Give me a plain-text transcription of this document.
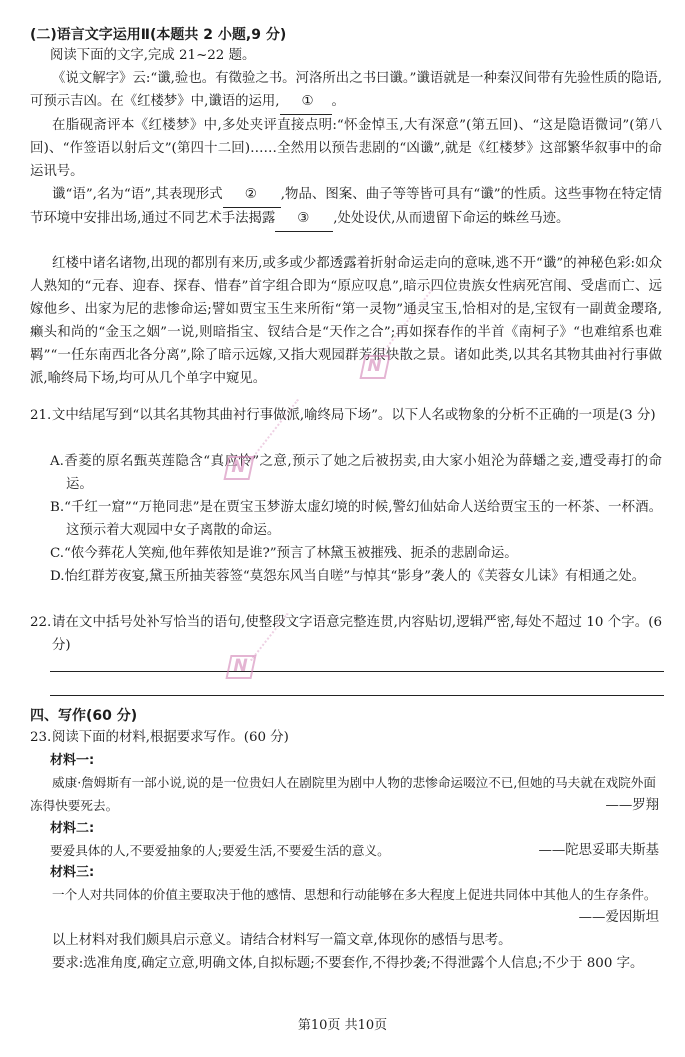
(二)语言文字运用Ⅱ(本题共 2 小题,9 分)
阅读下面的文字,完成 21~22 题。
《说文解字》云:“谶,验也。有徵验之书。河洛所出之书曰谶。”谶语就是一种秦汉间带有先验性质的隐语,可预示吉凶。在《红楼梦》中,谶语的运用, ① 。
在脂砚斋评本《红楼梦》中,多处夹评直接点明:“怀金悼玉,大有深意”(第五回)、“这是隐语微词”(第八回)、“作签语以射后文”(第四十二回)……全然用以预告悲剧的“凶谶”,就是《红楼梦》这部繁华叙事中的命运讯号。
谶“语”,名为“语”,其表现形式 ② ,物品、图案、曲子等等皆可具有“谶”的性质。这些事物在特定情节环境中安排出场,通过不同艺术手法揭露 ③ ,处处设伏,从而遗留下命运的蛛丝马迹。
红楼中诸名诸物,出现的都別有来历,或多或少都透露着折射命运走向的意味,逃不开“谶”的神秘色彩:如众人熟知的“元春、迎春、探春、惜春”首字组合即为“原应叹息”,暗示四位贵族女性病死宫闱、受虐而亡、远嫁他乡、出家为尼的悲惨命运;譬如贾宝玉生来所衔“第一灵物”通灵宝玉,恰相对的是,宝钗有一副黄金璎珞,癞头和尚的“金玉之姻”一说,则暗指宝、钗结合是“天作之合”;再如探春作的半首《南柯子》“也难绾系也难羁”“一任东南西北各分离”,除了暗示远嫁,又指大观园群芳很快散之景。诸如此类,以其名其物其曲衬行事做派,喻终局下场,均可从几个单字中窥见。
21. 文中结尾写到“以其名其物其曲衬行事做派,喻终局下场”。以下人名或物象的分析不正确的一项是(3 分)
A.香菱的原名甄英莲隐含“真应怜”之意,预示了她之后被拐卖,由大家小姐沦为薛蟠之妾,遭受毒打的命运。
B.“千红一窟”“万艳同悲”是在贾宝玉梦游太虚幻境的时候,警幻仙姑命人送给贾宝玉的一杯茶、一杯酒。这预示着大观园中女子离散的命运。
C.“侬今葬花人笑痴,他年葬侬知是谁?”预言了林黛玉被摧残、扼杀的悲剧命运。
D.怡红群芳夜宴,黛玉所抽芙蓉签“莫怨东风当自嗟”与悼其“影身”袭人的《芙蓉女儿诔》有相通之处。
22. 请在文中括号处补写恰当的语句,使整段文字语意完整连贯,内容贴切,逻辑严密,每处不超过 10 个字。(6 分)
四、写作(60 分)
23. 阅读下面的材料,根据要求写作。(60 分)
材料一:
威康·詹姆斯有一部小说,说的是一位贵妇人在剧院里为剧中人物的悲惨命运啜泣不已,但她的马夫就在戏院外面冻得快要死去。	——罗翔
材料二:
要爱具体的人,不要爱抽象的人;要爱生活,不要爱生活的意义。	——陀思妥耶夫斯基
材料三:
一个人对共同体的价值主要取决于他的感情、思想和行动能够在多大程度上促进共同体中其他人的生存条件。
——爱因斯坦
以上材料对我们颇具启示意义。请结合材料写一篇文章,体现你的感悟与思考。
要求:选准角度,确定立意,明确文体,自拟标题;不要套作,不得抄袭;不得泄露个人信息;不少于 800 字。
第10页 共10页
N
N
N
